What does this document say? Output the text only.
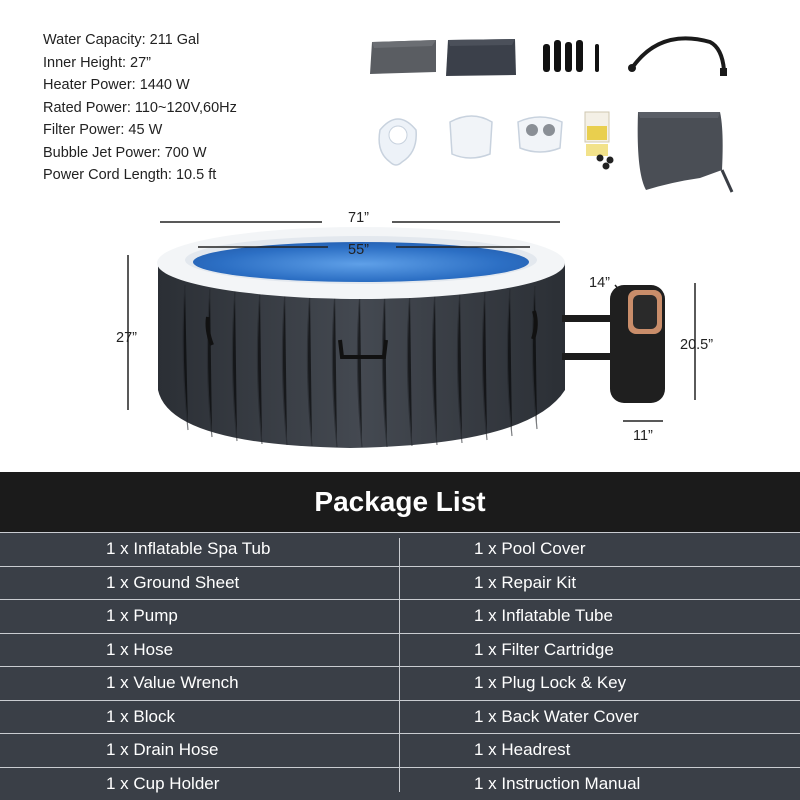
Water Capacity: 211 Gal
Inner Height: 27”
Heater Power: 1440 W
Rated Power: 110~120V,60Hz
Filter Power: 45 W
Bubble Jet Power: 700 W
Power Cord Length: 10.5 ft
71”
55”
27”
14”
20.5”
11”
Package List
1 x Inflatable Spa Tub	1 x Pool Cover
1 x Ground Sheet	1 x Repair Kit
1 x Pump	1 x Inflatable Tube
1 x Hose	1 x Filter Cartridge
1 x Value Wrench	1 x Plug Lock & Key
1 x Block	1 x Back Water Cover
1 x Drain Hose	1 x Headrest
1 x Cup Holder	1 x Instruction Manual
